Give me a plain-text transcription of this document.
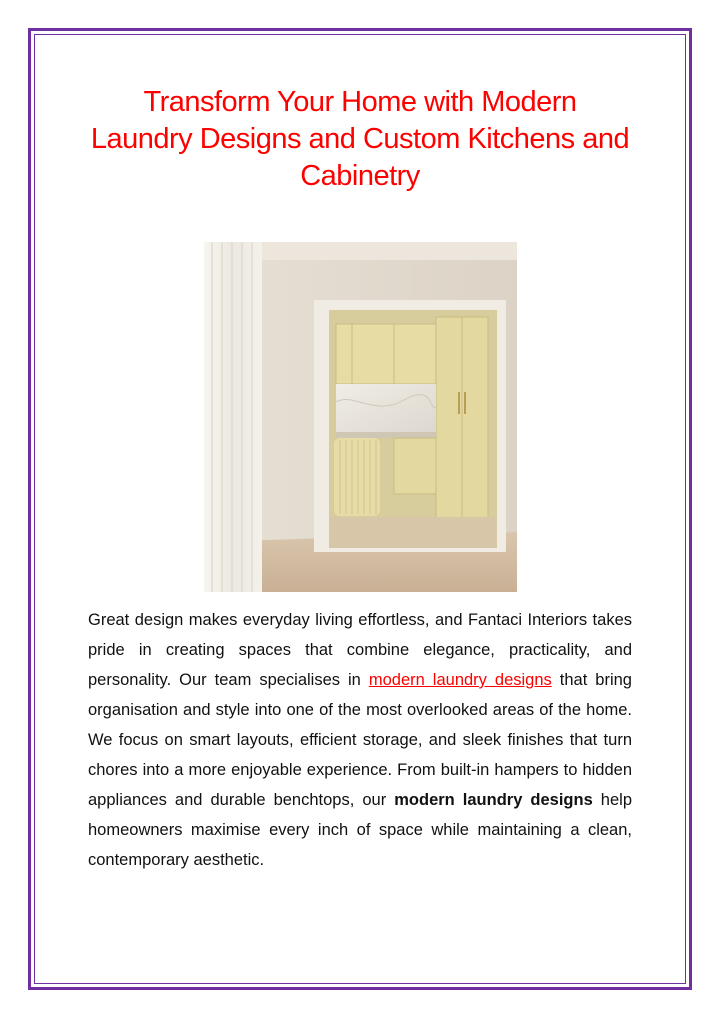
Transform Your Home with Modern
Laundry Designs and Custom Kitchens and
Cabinetry

Great design makes everyday living effortless, and Fantaci Interiors takes pride in creating spaces that combine elegance, practicality, and personality. Our team specialises in modern laundry designs that bring organisation and style into one of the most overlooked areas of the home. We focus on smart layouts, efficient storage, and sleek finishes that turn chores into a more enjoyable experience. From built-in hampers to hidden appliances and durable benchtops, our modern laundry designs help homeowners maximise every inch of space while maintaining a clean, contemporary aesthetic.
